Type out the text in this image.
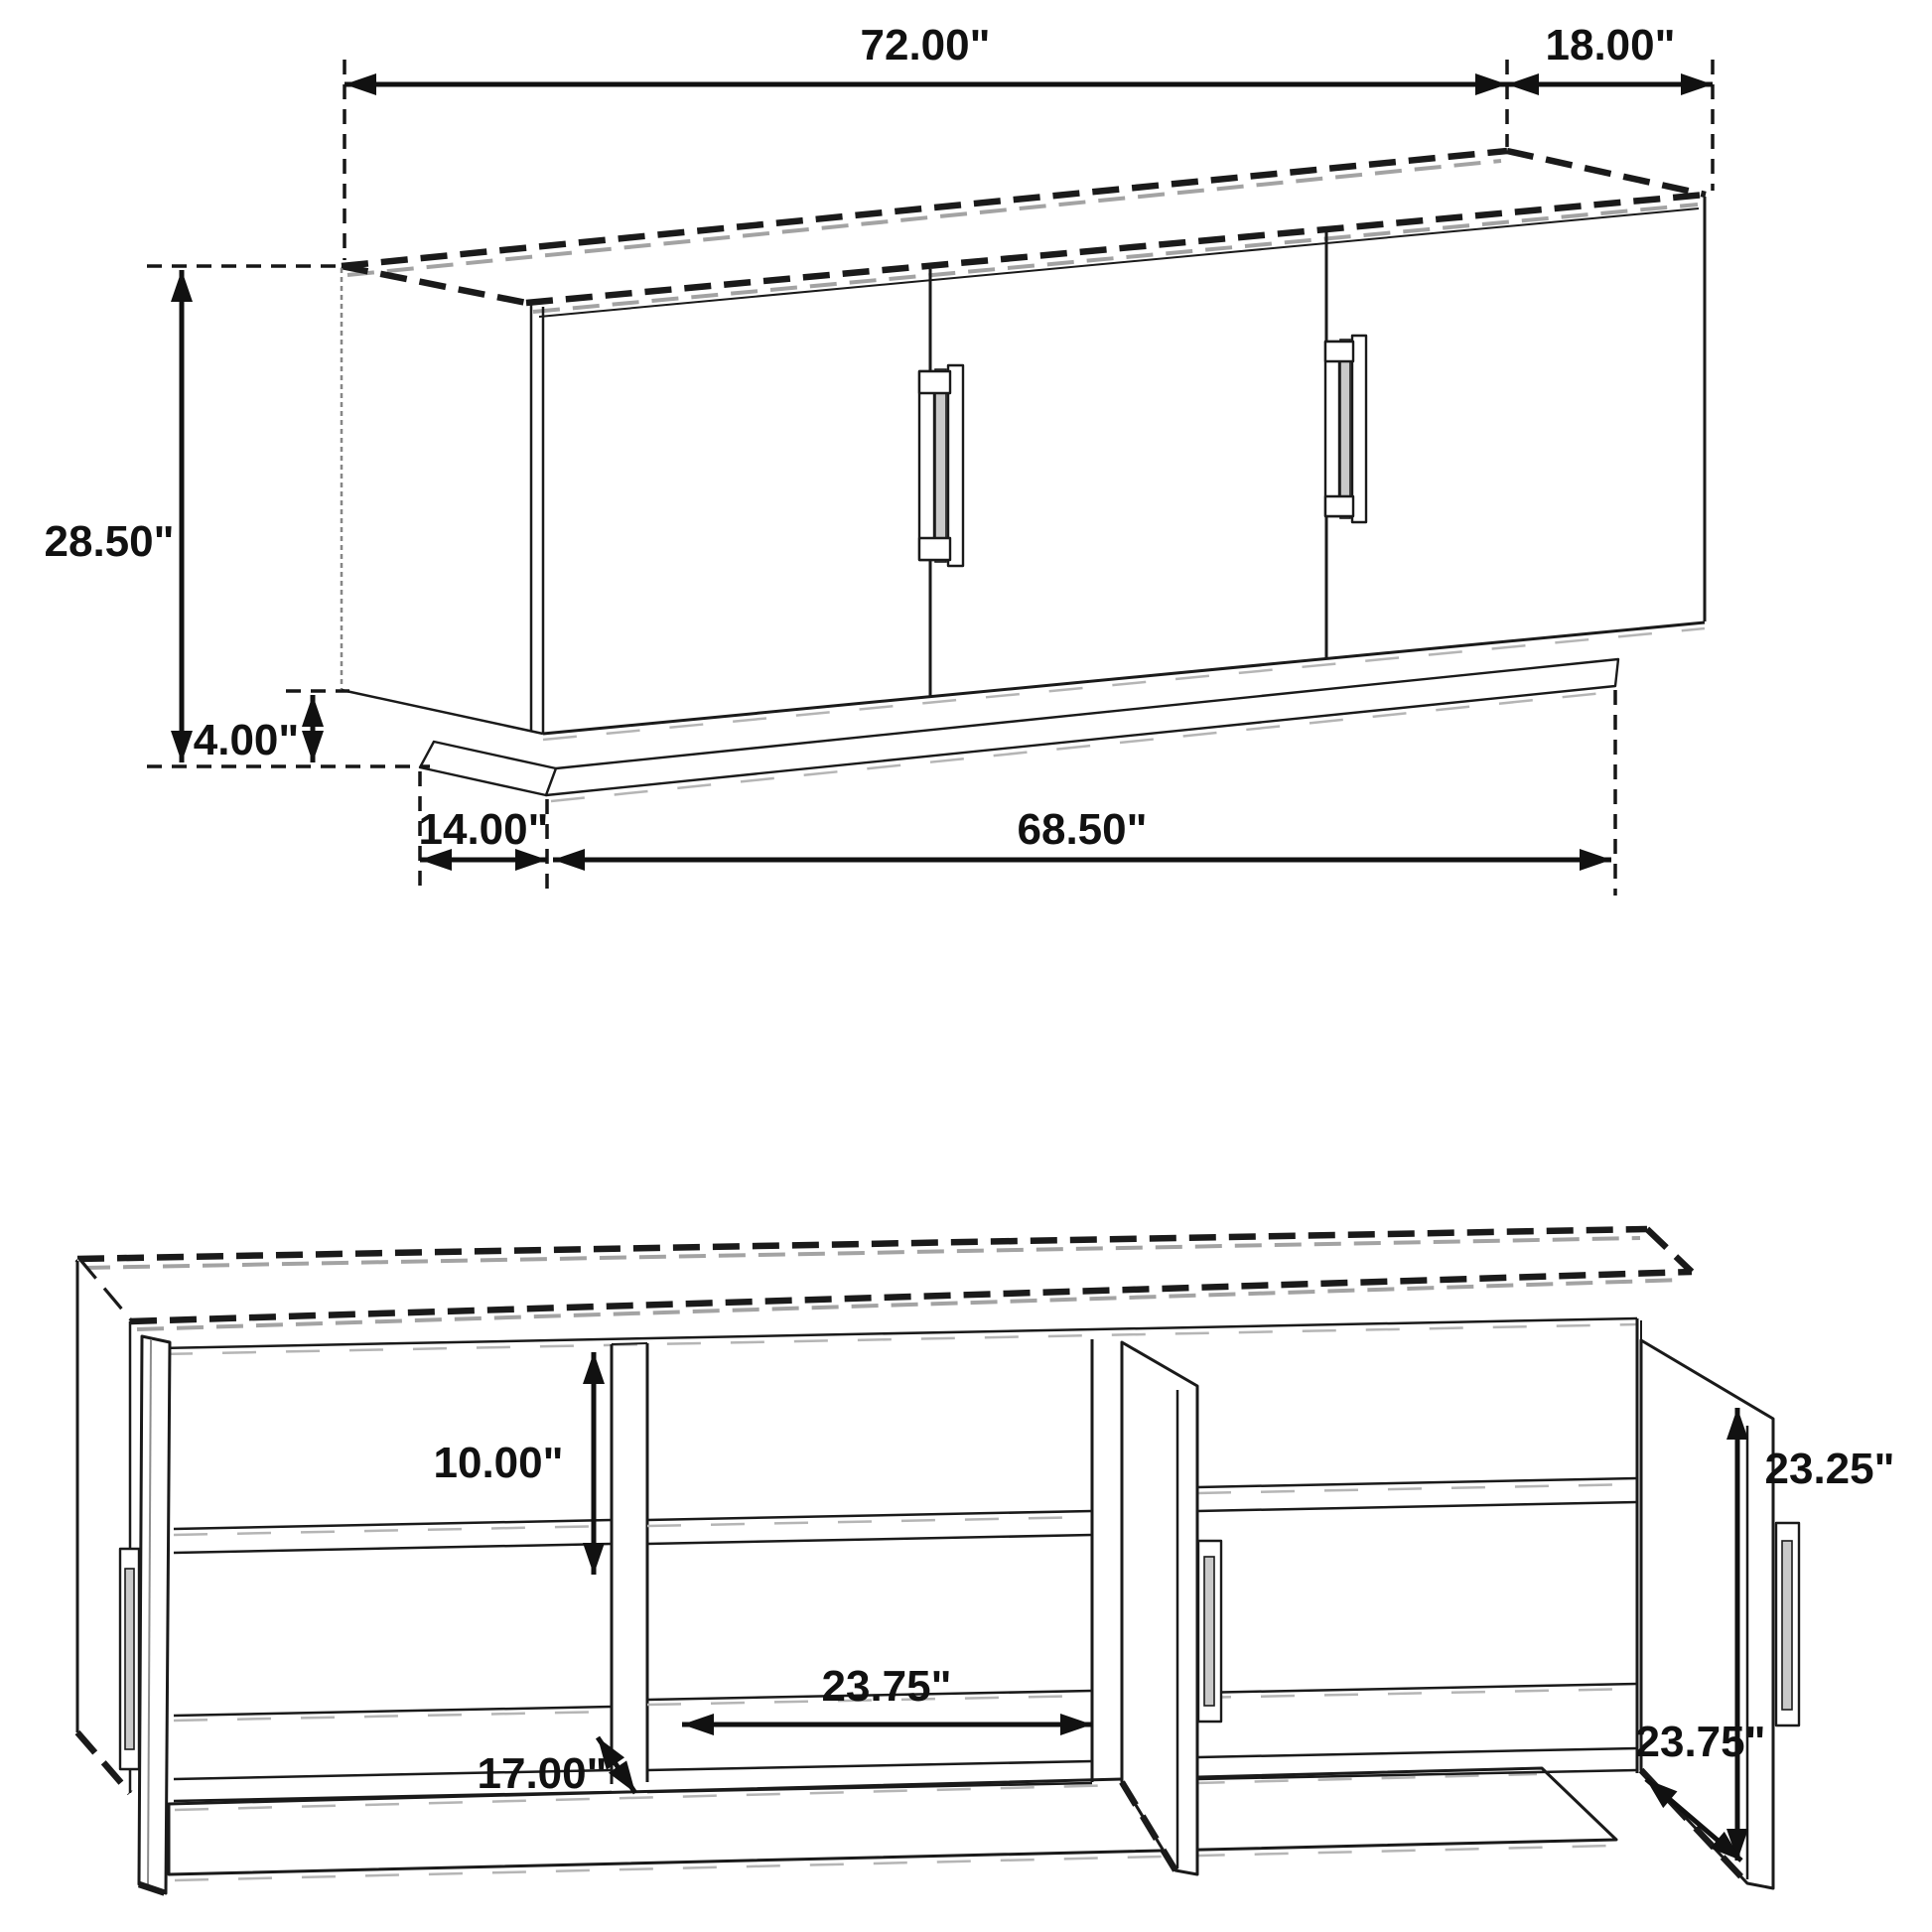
72.00"	18.00"
28.50"
4.00"
14.00"	68.50"
10.00"
23.75"
17.00"
23.25"
23.75"
